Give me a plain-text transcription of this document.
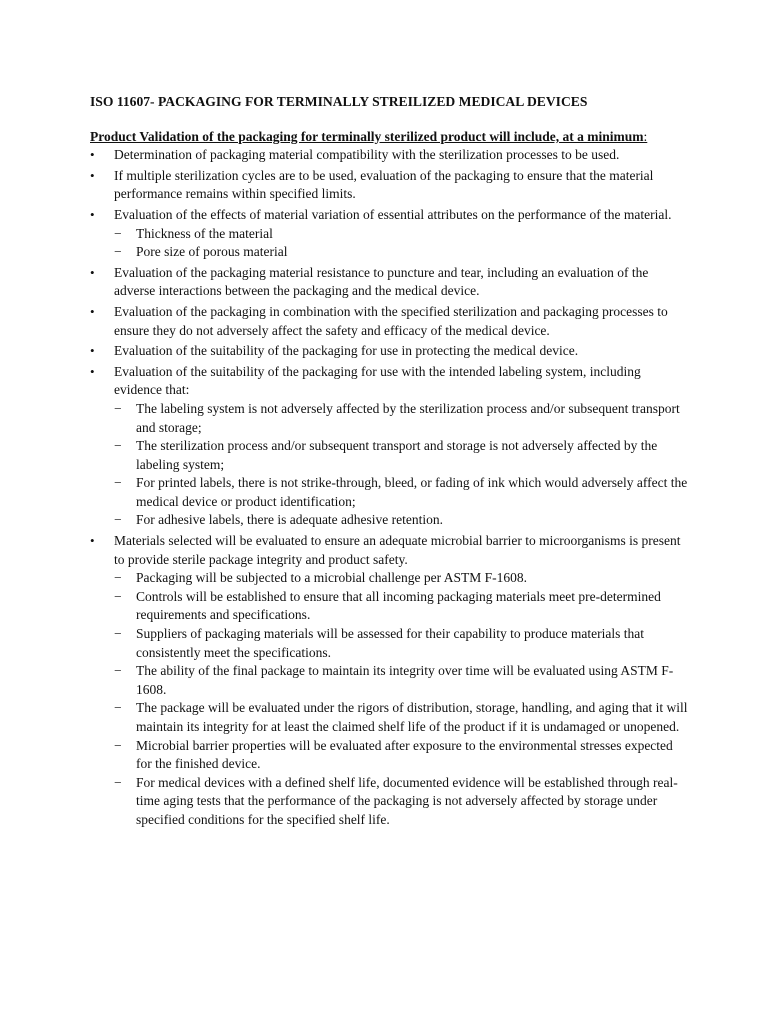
ISO 11607- PACKAGING FOR TERMINALLY STREILIZED MEDICAL DEVICES
Product Validation of the packaging for terminally sterilized product will include, at a minimum:
• Determination of packaging material compatibility with the sterilization processes to be used.
• If multiple sterilization cycles are to be used, evaluation of the packaging to ensure that the material performance remains within specified limits.
• Evaluation of the effects of material variation of essential attributes on the performance of the material.
− Thickness of the material
− Pore size of porous material
• Evaluation of the packaging material resistance to puncture and tear, including an evaluation of the adverse interactions between the packaging and the medical device.
• Evaluation of the packaging in combination with the specified sterilization and packaging processes to ensure they do not adversely affect the safety and efficacy of the medical device.
• Evaluation of the suitability of the packaging for use in protecting the medical device.
• Evaluation of the suitability of the packaging for use with the intended labeling system, including evidence that:
− The labeling system is not adversely affected by the sterilization process and/or subsequent transport and storage;
− The sterilization process and/or subsequent transport and storage is not adversely affected by the labeling system;
− For printed labels, there is not strike-through, bleed, or fading of ink which would adversely affect the medical device or product identification;
− For adhesive labels, there is adequate adhesive retention.
• Materials selected will be evaluated to ensure an adequate microbial barrier to microorganisms is present to provide sterile package integrity and product safety.
− Packaging will be subjected to a microbial challenge per ASTM F-1608.
− Controls will be established to ensure that all incoming packaging materials meet pre-determined requirements and specifications.
− Suppliers of packaging materials will be assessed for their capability to produce materials that consistently meet the specifications.
− The ability of the final package to maintain its integrity over time will be evaluated using ASTM F-1608.
− The package will be evaluated under the rigors of distribution, storage, handling, and aging that it will maintain its integrity for at least the claimed shelf life of the product if it is undamaged or unopened.
− Microbial barrier properties will be evaluated after exposure to the environmental stresses expected for the finished device.
− For medical devices with a defined shelf life, documented evidence will be established through real-time aging tests that the performance of the packaging is not adversely affected by storage under specified conditions for the specified shelf life.
